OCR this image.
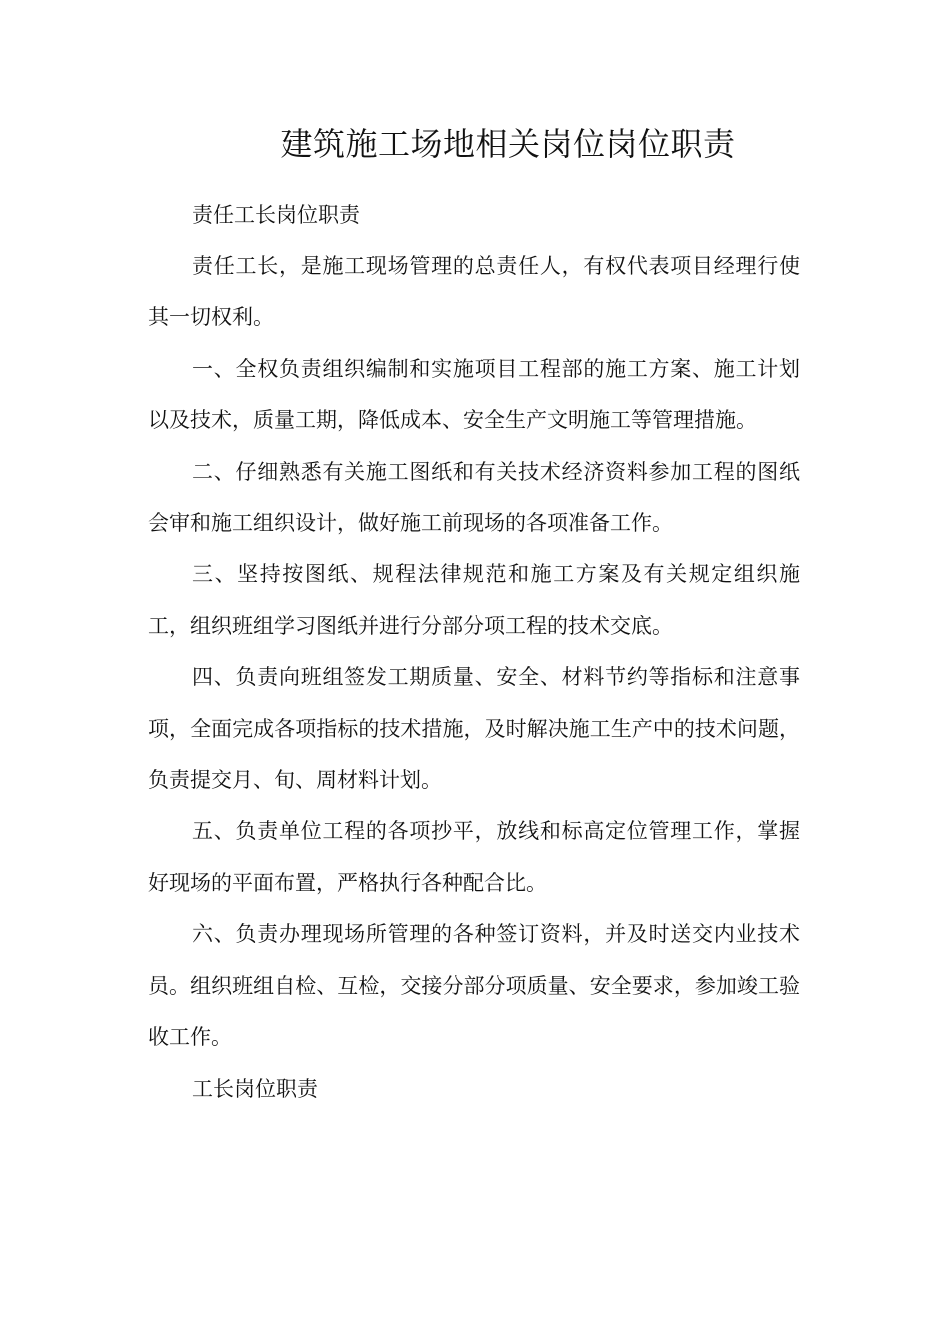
建筑施工场地相关岗位岗位职责

责任工长岗位职责

责任工长，是施工现场管理的总责任人，有权代表项目经理行使其一切权利。

一、全权负责组织编制和实施项目工程部的施工方案、施工计划以及技术，质量工期，降低成本、安全生产文明施工等管理措施。

二、仔细熟悉有关施工图纸和有关技术经济资料参加工程的图纸会审和施工组织设计，做好施工前现场的各项准备工作。

三、坚持按图纸、规程法律规范和施工方案及有关规定组织施工，组织班组学习图纸并进行分部分项工程的技术交底。

四、负责向班组签发工期质量、安全、材料节约等指标和注意事项，全面完成各项指标的技术措施，及时解决施工生产中的技术问题，负责提交月、旬、周材料计划。

五、负责单位工程的各项抄平，放线和标高定位管理工作，掌握好现场的平面布置，严格执行各种配合比。

六、负责办理现场所管理的各种签订资料，并及时送交内业技术员。组织班组自检、互检，交接分部分项质量、安全要求，参加竣工验收工作。

工长岗位职责
